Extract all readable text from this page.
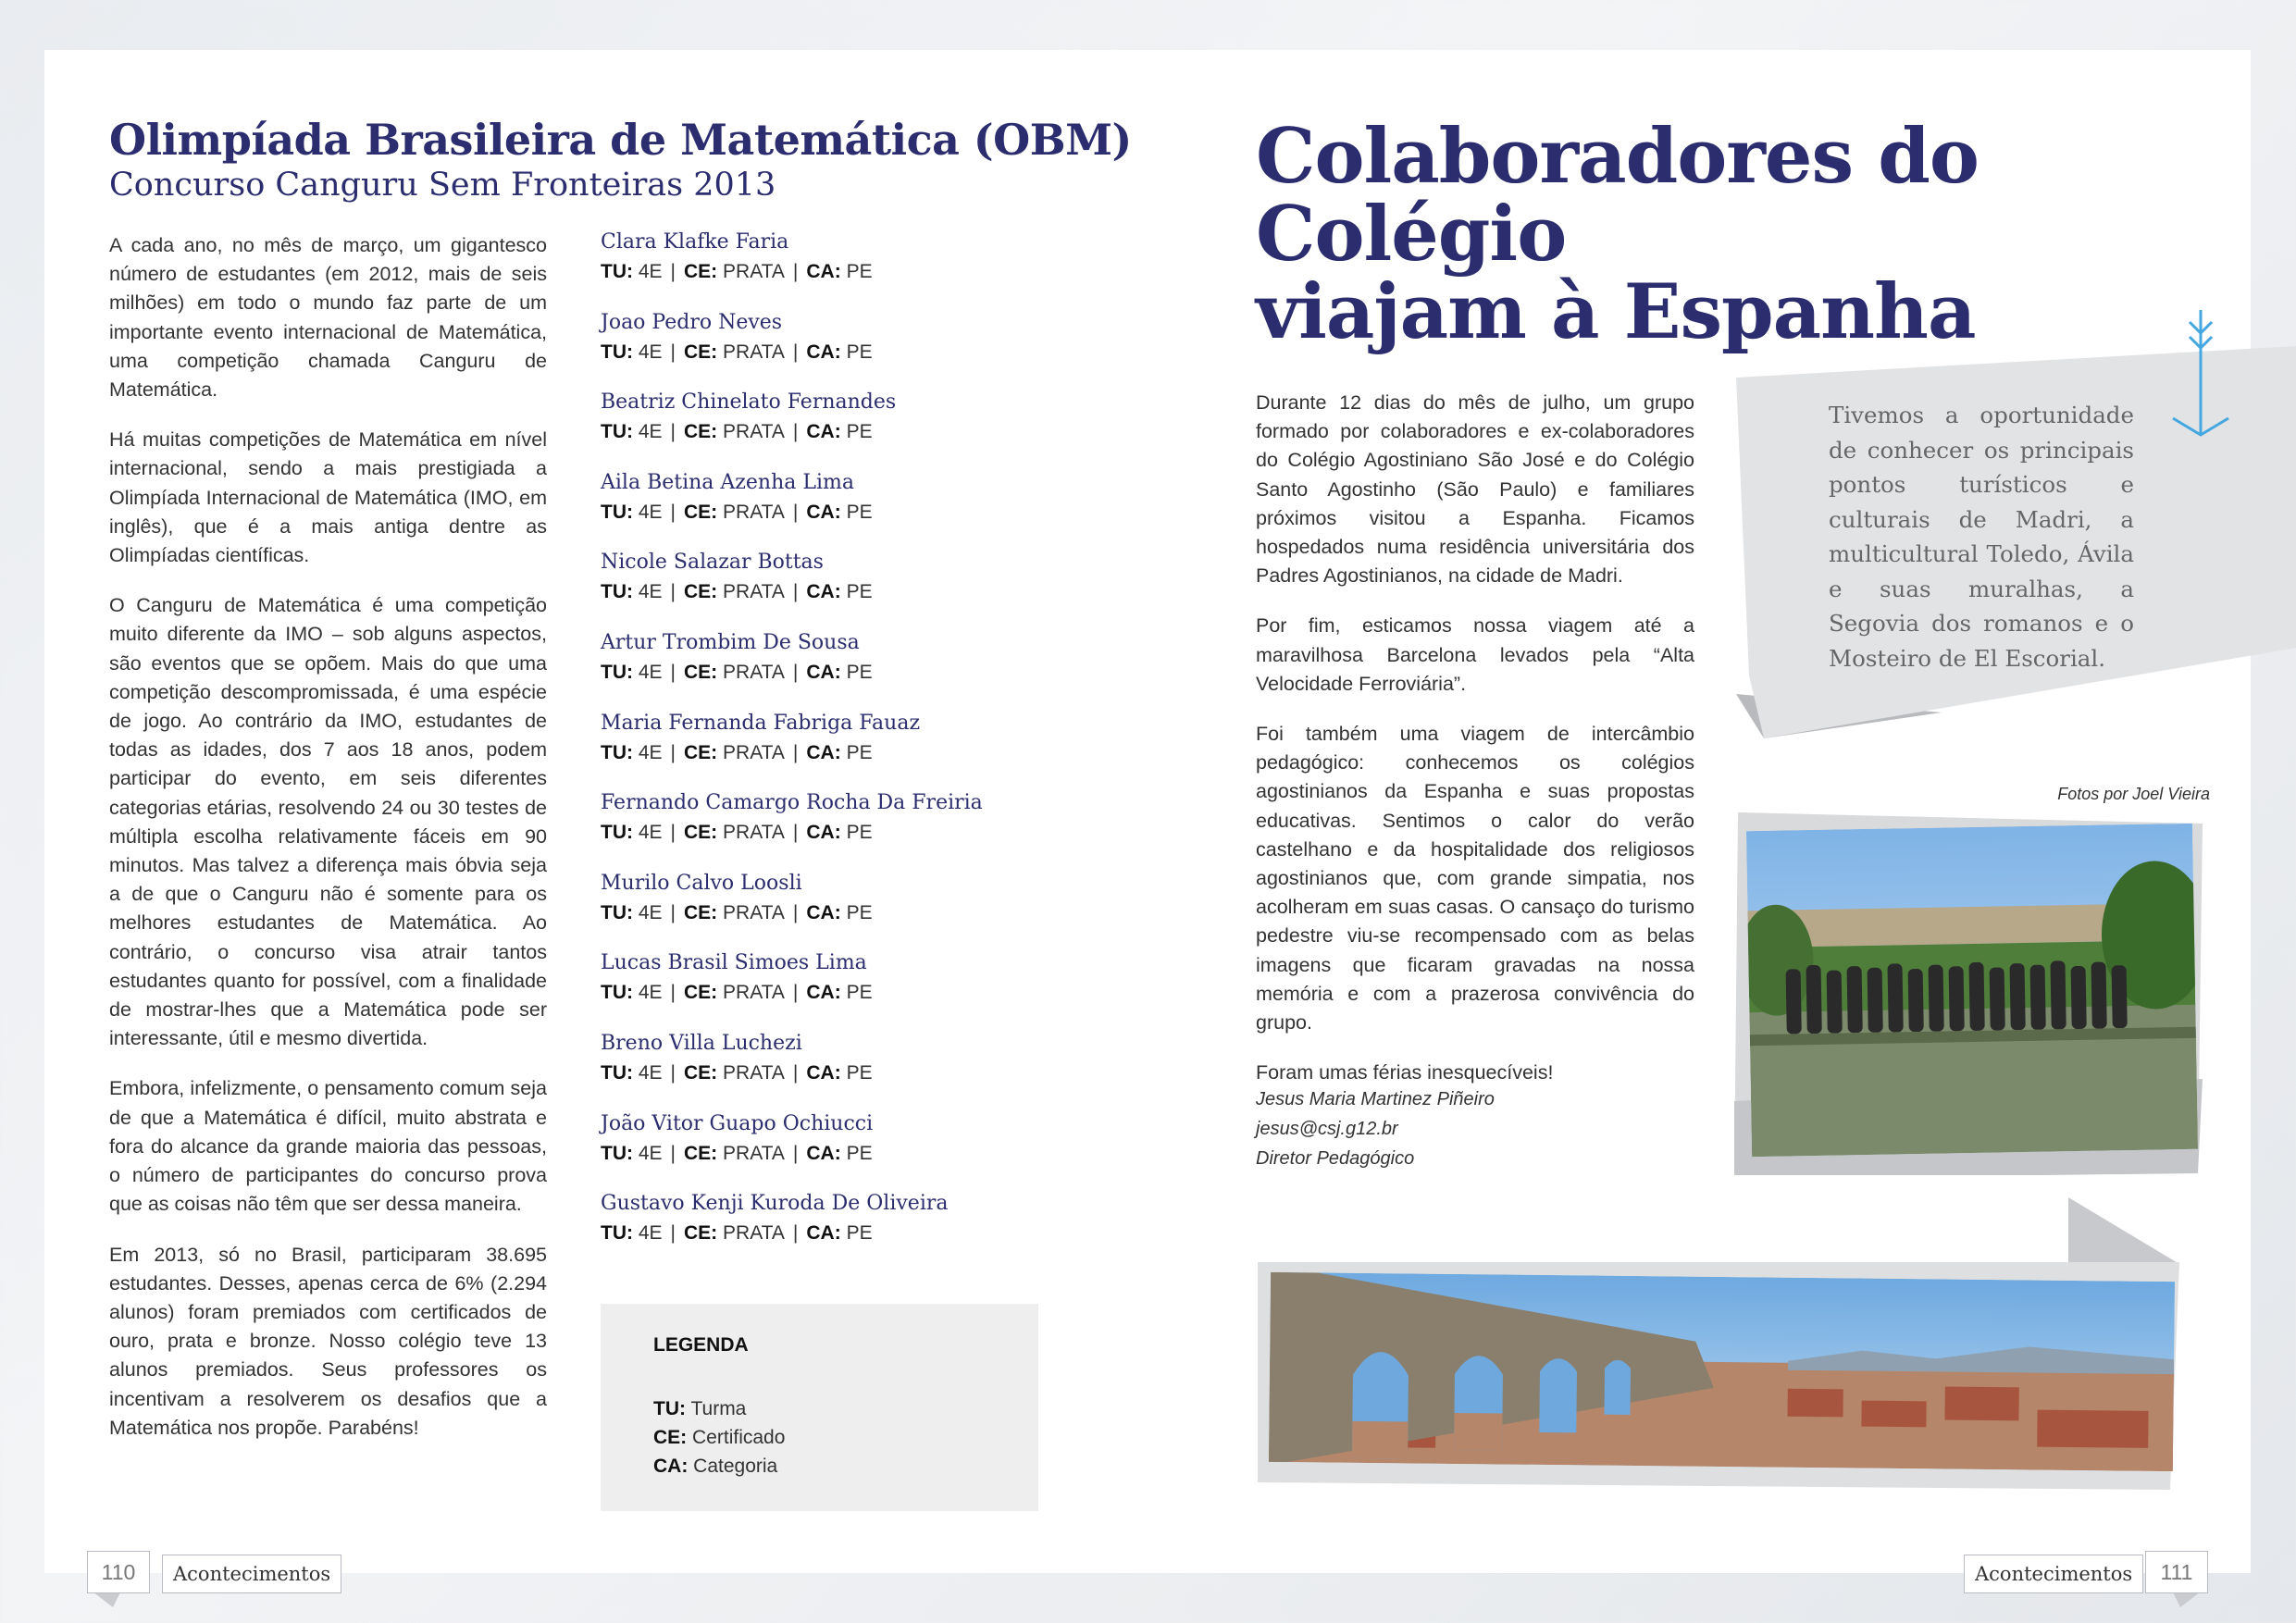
Olimpíada Brasileira de Matemática (OBM)
Concurso Canguru Sem Fronteiras 2013

A cada ano, no mês de março, um gigantesco número de estudantes (em 2012, mais de seis milhões) em todo o mundo faz parte de um importante evento internacional de Matemática, uma competição chamada Canguru de Matemática.

Há muitas competições de Matemática em nível internacional, sendo a mais prestigiada a Olimpíada Internacional de Matemática (IMO, em inglês), que é a mais antiga dentre as Olimpíadas científicas.

O Canguru de Matemática é uma competição muito diferente da IMO – sob alguns aspectos, são eventos que se opõem. Mais do que uma competição descompromissada, é uma espécie de jogo. Ao contrário da IMO, estudantes de todas as idades, dos 7 aos 18 anos, podem participar do evento, em seis diferentes categorias etárias, resolvendo 24 ou 30 testes de múltipla escolha relativamente fáceis em 90 minutos. Mas talvez a diferença mais óbvia seja a de que o Canguru não é somente para os melhores estudantes de Matemática. Ao contrário, o concurso visa atrair tantos estudantes quanto for possível, com a finalidade de mostrar-lhes que a Matemática pode ser interessante, útil e mesmo divertida.

Embora, infelizmente, o pensamento comum seja de que a Matemática é difícil, muito abstrata e fora do alcance da grande maioria das pessoas, o número de participantes do concurso prova que as coisas não têm que ser dessa maneira.

Em 2013, só no Brasil, participaram 38.695 estudantes. Desses, apenas cerca de 6% (2.294 alunos) foram premiados com certificados de ouro, prata e bronze. Nosso colégio teve 13 alunos premiados. Seus professores os incentivam a resolverem os desafios que a Matemática nos propõe. Parabéns!

Clara Klafke Faria
TU: 4E | CE: PRATA | CA: PE
Joao Pedro Neves
TU: 4E | CE: PRATA | CA: PE
Beatriz Chinelato Fernandes
TU: 4E | CE: PRATA | CA: PE
Aila Betina Azenha Lima
TU: 4E | CE: PRATA | CA: PE
Nicole Salazar Bottas
TU: 4E | CE: PRATA | CA: PE
Artur Trombim De Sousa
TU: 4E | CE: PRATA | CA: PE
Maria Fernanda Fabriga Fauaz
TU: 4E | CE: PRATA | CA: PE
Fernando Camargo Rocha Da Freiria
TU: 4E | CE: PRATA | CA: PE
Murilo Calvo Loosli
TU: 4E | CE: PRATA | CA: PE
Lucas Brasil Simoes Lima
TU: 4E | CE: PRATA | CA: PE
Breno Villa Luchezi
TU: 4E | CE: PRATA | CA: PE
João Vitor Guapo Ochiucci
TU: 4E | CE: PRATA | CA: PE
Gustavo Kenji Kuroda De Oliveira
TU: 4E | CE: PRATA | CA: PE
LEGENDA
TU: Turma
CE: Certificado
CA: Categoria
110	Acontecimentos
Colaboradores do Colégio
viajam à Espanha

Durante 12 dias do mês de julho, um grupo formado por colaboradores e ex-colaboradores do Colégio Agostiniano São José e do Colégio Santo Agostinho (São Paulo) e familiares próximos visitou a Espanha. Ficamos hospedados numa residência universitária dos Padres Agostinianos, na cidade de Madri.

Por fim, esticamos nossa viagem até a maravilhosa Barcelona levados pela “Alta Velocidade Ferroviária”.

Foi também uma viagem de intercâmbio pedagógico: conhecemos os colégios agostinianos da Espanha e suas propostas educativas. Sentimos o calor do verão castelhano e da hospitalidade dos religiosos agostinianos que, com grande simpatia, nos acolheram em suas casas. O cansaço do turismo pedestre viu-se recompensado com as belas imagens que ficaram gravadas na nossa memória e com a prazerosa convivência do grupo.

Foram umas férias inesquecíveis!

Jesus Maria Martinez Piñeiro
jesus@csj.g12.br
Diretor Pedagógico
Tivemos a oportunidade de conhecer os principais pontos turísticos e culturais de Madri, a multicultural Toledo, Ávila e suas muralhas, a Segovia dos romanos e o Mosteiro de El Escorial.
Fotos por Joel Vieira
Acontecimentos	111
